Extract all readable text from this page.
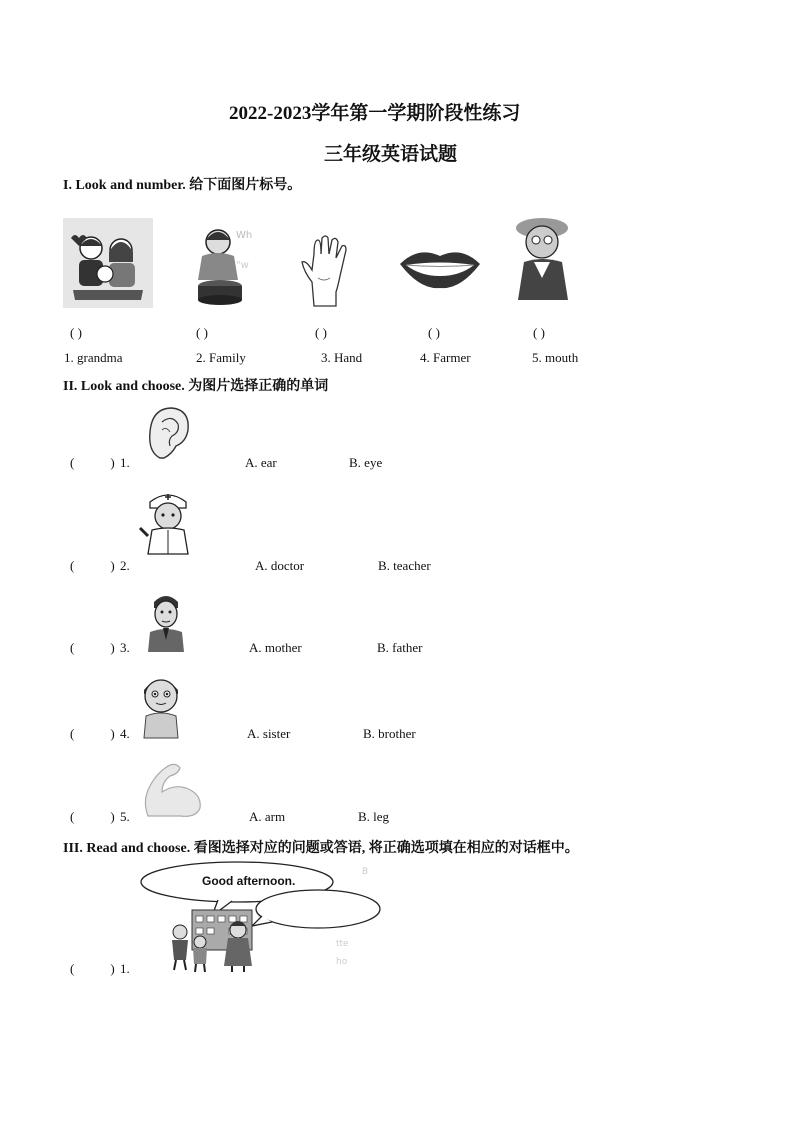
2022-2023学年第一学期阶段性练习
三年级英语试题
I. Look and number. 给下面图片标号。
Wh
"w
( )	( )	( )	( )	( )
1. grandma	2. Family	3. Hand	4. Farmer	5. mouth
II. Look and choose. 为图片选择正确的单词
(	) 1.	A. ear	B. eye
(	) 2.	A. doctor	B. teacher
(	) 3.	A. mother	B. father
(	) 4.	A. sister	B. brother
(	) 5.	A. arm	B. leg
III. Read and choose. 看图选择对应的问题或答语, 将正确选项填在相应的对话框中。
B
tte
ho
Good afternoon.
(	) 1.
